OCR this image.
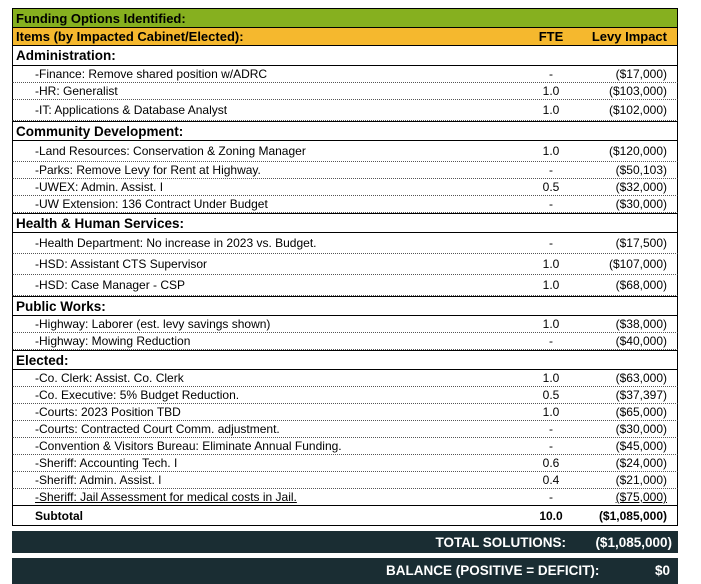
Funding Options Identified:
Items (by Impacted Cabinet/Elected):	FTE	Levy Impact
Administration:
-Finance: Remove shared position w/ADRC	-	($17,000)
-HR: Generalist	1.0	($103,000)
-IT: Applications & Database Analyst	1.0	($102,000)
Community Development:
-Land Resources: Conservation & Zoning Manager	1.0	($120,000)
-Parks: Remove Levy for Rent at Highway.	-	($50,103)
-UWEX: Admin. Assist. I	0.5	($32,000)
-UW Extension: 136 Contract Under Budget	-	($30,000)
Health & Human Services:
-Health Department: No increase in 2023 vs. Budget.	-	($17,500)
-HSD: Assistant CTS Supervisor	1.0	($107,000)
-HSD: Case Manager - CSP	1.0	($68,000)
Public Works:
-Highway: Laborer (est. levy savings shown)	1.0	($38,000)
-Highway: Mowing Reduction	-	($40,000)
Elected:
-Co. Clerk: Assist. Co. Clerk	1.0	($63,000)
-Co. Executive: 5% Budget Reduction.	0.5	($37,397)
-Courts: 2023 Position TBD	1.0	($65,000)
-Courts: Contracted Court Comm. adjustment.	-	($30,000)
-Convention & Visitors Bureau: Eliminate Annual Funding.	-	($45,000)
-Sheriff: Accounting Tech. I	0.6	($24,000)
-Sheriff: Admin. Assist. I	0.4	($21,000)
-Sheriff: Jail Assessment for medical costs in Jail.	-	($75,000)
Subtotal	10.0	($1,085,000)
TOTAL SOLUTIONS:	($1,085,000)
BALANCE (POSITIVE = DEFICIT):	$0
